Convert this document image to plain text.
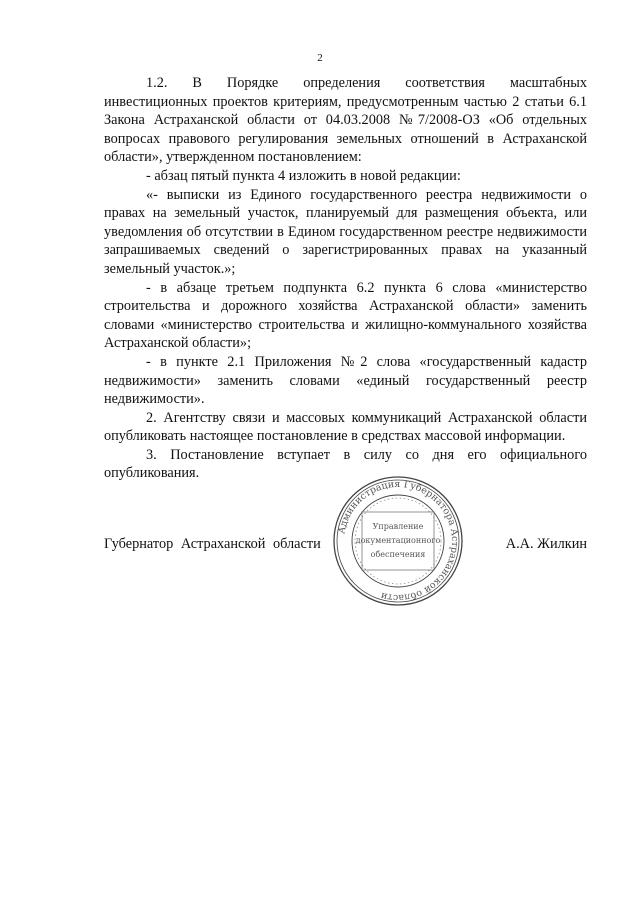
2

1.2. В Порядке определения соответствия масштабных инвестиционных проектов критериям, предусмотренным частью 2 статьи 6.1 Закона Астраханской области от 04.03.2008 №7/2008-ОЗ «Об отдельных вопросах правового регулирования земельных отношений в Астраханской области», утвержденном постановлением:

- абзац пятый пункта 4 изложить в новой редакции:

«- выписки из Единого государственного реестра недвижимости о правах на земельный участок, планируемый для размещения объекта, или уведомления об отсутствии в Едином государственном реестре недвижимости запрашиваемых сведений о зарегистрированных правах на указанный земельный участок.»;

- в абзаце третьем подпункта 6.2 пункта 6 слова «министерство строительства и дорожного хозяйства Астраханской области» заменить словами «министерство строительства и жилищно-коммунального хозяйства Астраханской области»;

- в пункте 2.1 Приложения №2 слова «государственный кадастр недвижимости» заменить словами «единый государственный реестр недвижимости».

2. Агентству связи и массовых коммуникаций Астраханской области опубликовать настоящее постановление в средствах массовой информации.

3. Постановление вступает в силу со дня его официального опубликования.

Губернатор Астраханской области	А.А. Жилкин
Администрация Губернатора Астраханской области
Управление
документационного
обеспечения
